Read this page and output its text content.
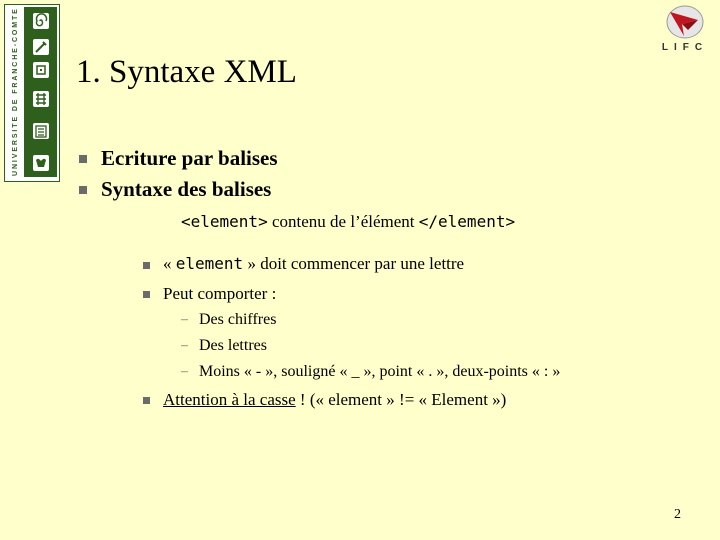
UNIVERSITE DE FRANCHE-COMTE	LIFC
1. Syntaxe XML
Ecriture par balises
Syntaxe des balises
<element> contenu de l’élément </element>
« element » doit commencer par une lettre
Peut comporter :
– Des chiffres
– Des lettres
– Moins « - », souligné « _ », point « . », deux-points « : »
Attention à la casse ! (« element » != « Element »)
2
